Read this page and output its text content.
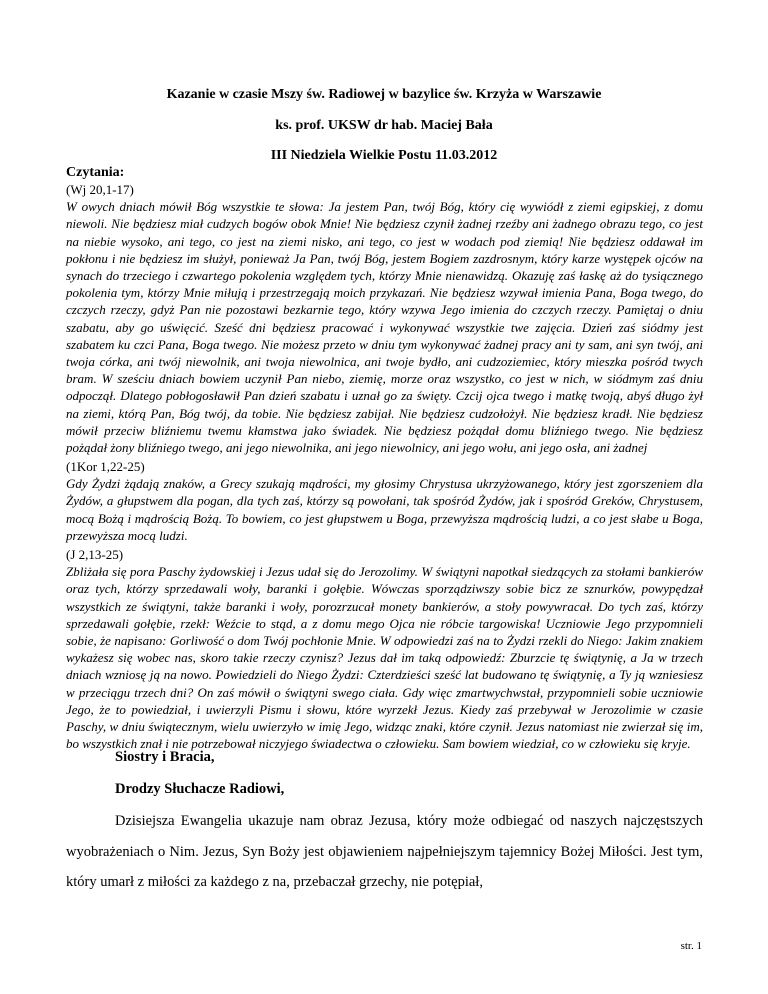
Kazanie w czasie Mszy św. Radiowej w bazylice św. Krzyża w Warszawie
ks. prof. UKSW dr hab. Maciej Bała
III Niedziela Wielkie Postu 11.03.2012
Czytania:
(Wj 20,1-17)

W owych dniach mówił Bóg wszystkie te słowa: Ja jestem Pan, twój Bóg, który cię wywiódł z ziemi egipskiej, z domu niewoli. Nie będziesz miał cudzych bogów obok Mnie! Nie będziesz czynił żadnej rzeźby ani żadnego obrazu tego, co jest na niebie wysoko, ani tego, co jest na ziemi nisko, ani tego, co jest w wodach pod ziemią! Nie będziesz oddawał im pokłonu i nie będziesz im służył, ponieważ Ja Pan, twój Bóg, jestem Bogiem zazdrosnym, który karze występek ojców na synach do trzeciego i czwartego pokolenia względem tych, którzy Mnie nienawidzą. Okazuję zaś łaskę aż do tysiącznego pokolenia tym, którzy Mnie miłują i przestrzegają moich przykazań. Nie będziesz wzywał imienia Pana, Boga twego, do czczych rzeczy, gdyż Pan nie pozostawi bezkarnie tego, który wzywa Jego imienia do czczych rzeczy. Pamiętaj o dniu szabatu, aby go uświęcić. Sześć dni będziesz pracować i wykonywać wszystkie twe zajęcia. Dzień zaś siódmy jest szabatem ku czci Pana, Boga twego. Nie możesz przeto w dniu tym wykonywać żadnej pracy ani ty sam, ani syn twój, ani twoja córka, ani twój niewolnik, ani twoja niewolnica, ani twoje bydło, ani cudzoziemiec, który mieszka pośród twych bram. W sześciu dniach bowiem uczynił Pan niebo, ziemię, morze oraz wszystko, co jest w nich, w siódmym zaś dniu odpoczął. Dlatego pobłogosławił Pan dzień szabatu i uznał go za święty. Czcij ojca twego i matkę twoją, abyś długo żył na ziemi, którą Pan, Bóg twój, da tobie. Nie będziesz zabijał. Nie będziesz cudzołożył. Nie będziesz kradł. Nie będziesz mówił przeciw bliźniemu twemu kłamstwa jako świadek. Nie będziesz pożądał domu bliźniego twego. Nie będziesz pożądał żony bliźniego twego, ani jego niewolnika, ani jego niewolnicy, ani jego wołu, ani jego osła, ani żadnej

(1Kor 1,22-25)

Gdy Żydzi żądają znaków, a Grecy szukają mądrości, my głosimy Chrystusa ukrzyżowanego, który jest zgorszeniem dla Żydów, a głupstwem dla pogan, dla tych zaś, którzy są powołani, tak spośród Żydów, jak i spośród Greków, Chrystusem, mocą Bożą i mądrością Bożą. To bowiem, co jest głupstwem u Boga, przewyższa mądrością ludzi, a co jest słabe u Boga, przewyższa mocą ludzi.

(J 2,13-25)

Zbliżała się pora Paschy żydowskiej i Jezus udał się do Jerozolimy. W świątyni napotkał siedzących za stołami bankierów oraz tych, którzy sprzedawali woły, baranki i gołębie. Wówczas sporządziwszy sobie bicz ze sznurków, powypędzał wszystkich ze świątyni, także baranki i woły, porozrzucał monety bankierów, a stoły powywracał. Do tych zaś, którzy sprzedawali gołębie, rzekł: Weźcie to stąd, a z domu mego Ojca nie róbcie targowiska! Uczniowie Jego przypomnieli sobie, że napisano: Gorliwość o dom Twój pochłonie Mnie. W odpowiedzi zaś na to Żydzi rzekli do Niego: Jakim znakiem wykażesz się wobec nas, skoro takie rzeczy czynisz? Jezus dał im taką odpowiedź: Zburzcie tę świątynię, a Ja w trzech dniach wzniosę ją na nowo. Powiedzieli do Niego Żydzi: Czterdzieści sześć lat budowano tę świątynię, a Ty ją wzniesiesz w przeciągu trzech dni? On zaś mówił o świątyni swego ciała. Gdy więc zmartwychwstał, przypomnieli sobie uczniowie Jego, że to powiedział, i uwierzyli Pismu i słowu, które wyrzekł Jezus. Kiedy zaś przebywał w Jerozolimie w czasie Paschy, w dniu świątecznym, wielu uwierzyło w imię Jego, widząc znaki, które czynił. Jezus natomiast nie zwierzał się im, bo wszystkich znał i nie potrzebował niczyjego świadectwa o człowieku. Sam bowiem wiedział, co w człowieku się kryje.

Siostry i Bracia,
Drodzy Słuchacze Radiowi,

Dzisiejsza Ewangelia ukazuje nam obraz Jezusa, który może odbiegać od naszych najczęstszych wyobrażeniach o Nim. Jezus, Syn Boży jest objawieniem najpełniejszym tajemnicy Bożej Miłości. Jest tym, który umarł z miłości za każdego z na, przebaczał grzechy, nie potępiał,

str. 1
